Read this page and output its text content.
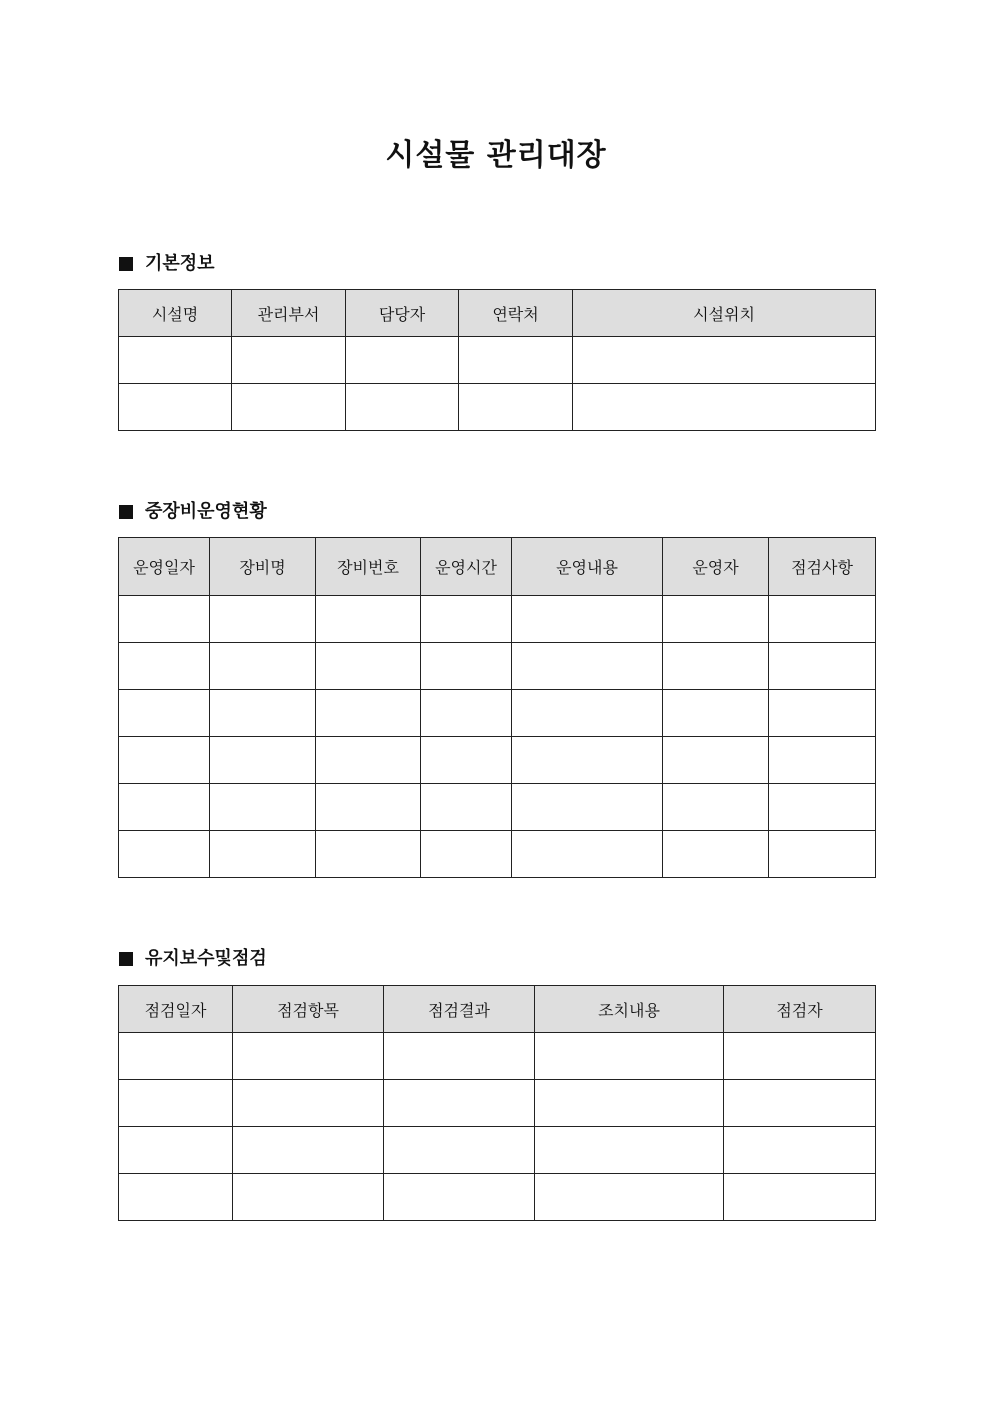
시설물 관리대장
기본정보
시설명	관리부서	담당자	연락처	시설위치

중장비운영현황
운영일자	장비명	장비번호	운영시간	운영내용	운영자	점검사항

유지보수및점검
점검일자	점검항목	점검결과	조치내용	점검자
